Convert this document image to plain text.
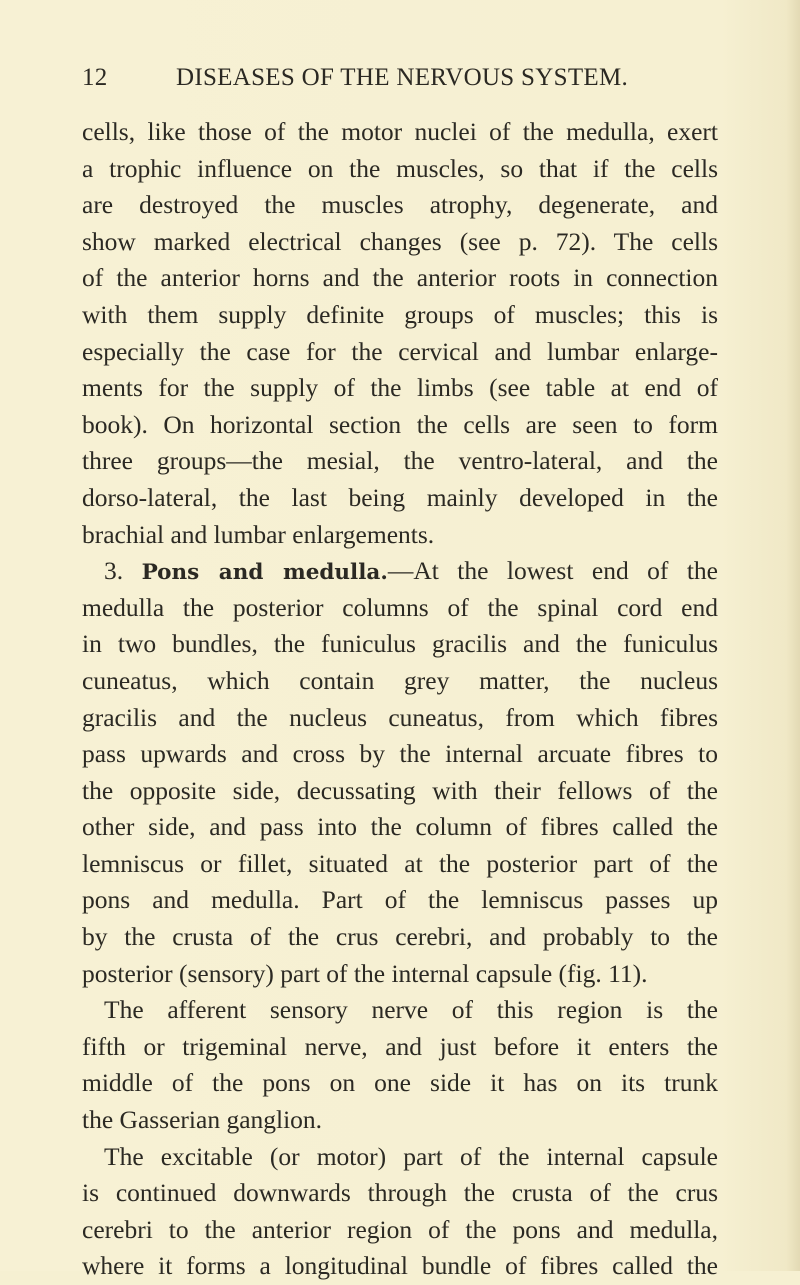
12	DISEASES OF THE NERVOUS SYSTEM.
cells, like those of the motor nuclei of the medulla, exert
a trophic influence on the muscles, so that if the cells
are destroyed the muscles atrophy, degenerate, and
show marked electrical changes (see p. 72). The cells
of the anterior horns and the anterior roots in connection
with them supply definite groups of muscles; this is
especially the case for the cervical and lumbar enlarge-
ments for the supply of the limbs (see table at end of
book). On horizontal section the cells are seen to form
three groups—the mesial, the ventro-lateral, and the
dorso-lateral, the last being mainly developed in the
brachial and lumbar enlargements.
3. Pons and medulla.—At the lowest end of the
medulla the posterior columns of the spinal cord end
in two bundles, the funiculus gracilis and the funiculus
cuneatus, which contain grey matter, the nucleus
gracilis and the nucleus cuneatus, from which fibres
pass upwards and cross by the internal arcuate fibres to
the opposite side, decussating with their fellows of the
other side, and pass into the column of fibres called the
lemniscus or fillet, situated at the posterior part of the
pons and medulla. Part of the lemniscus passes up
by the crusta of the crus cerebri, and probably to the
posterior (sensory) part of the internal capsule (fig. 11).
The afferent sensory nerve of this region is the
fifth or trigeminal nerve, and just before it enters the
middle of the pons on one side it has on its trunk
the Gasserian ganglion.
The excitable (or motor) part of the internal capsule
is continued downwards through the crusta of the crus
cerebri to the anterior region of the pons and medulla,
where it forms a longitudinal bundle of fibres called the
